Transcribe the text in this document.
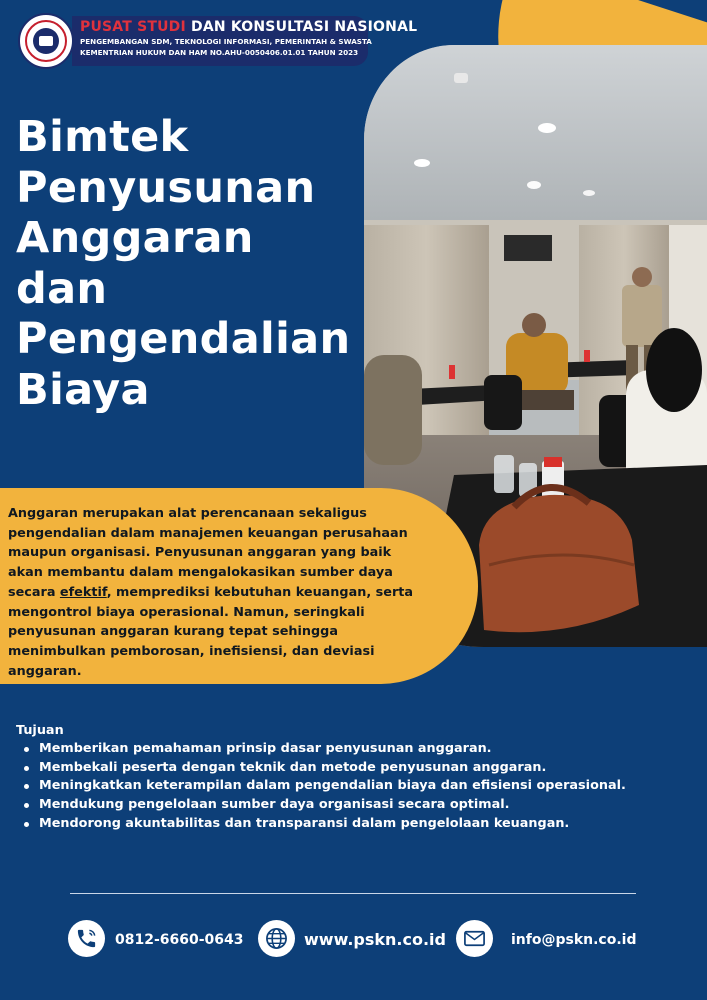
PUSAT STUDI DAN KONSULTASI NASIONAL
PENGEMBANGAN SDM, TEKNOLOGI INFORMASI, PEMERINTAH & SWASTA
KEMENTRIAN HUKUM DAN HAM NO.AHU-0050406.01.01 TAHUN 2023
Bimtek
Penyusunan
Anggaran
dan
Pengendalian
Biaya
Anggaran merupakan alat perencanaan sekaligus pengendalian dalam manajemen keuangan perusahaan maupun organisasi. Penyusunan anggaran yang baik akan membantu dalam mengalokasikan sumber daya secara efektif, memprediksi kebutuhan keuangan, serta mengontrol biaya operasional. Namun, seringkali penyusunan anggaran kurang tepat sehingga menimbulkan pemborosan, inefisiensi, dan deviasi anggaran.
Tujuan
Memberikan pemahaman prinsip dasar penyusunan anggaran.
Membekali peserta dengan teknik dan metode penyusunan anggaran.
Meningkatkan keterampilan dalam pengendalian biaya dan efisiensi operasional.
Mendukung pengelolaan sumber daya organisasi secara optimal.
Mendorong akuntabilitas dan transparansi dalam pengelolaan keuangan.
0812-6660-0643	www.pskn.co.id	info@pskn.co.id
